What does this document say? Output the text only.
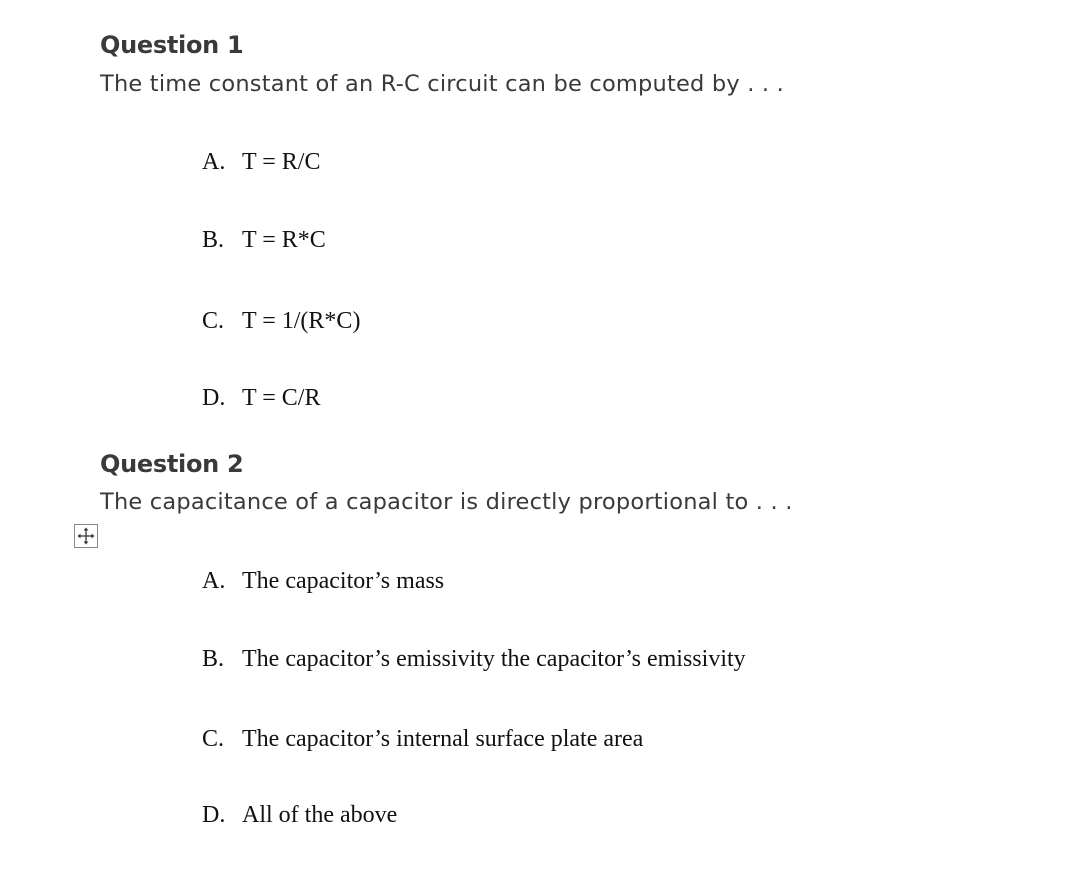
Question 1
The time constant of an R-C circuit can be computed by . . .
A. T = R/C
B. T = R*C
C. T = 1/(R*C)
D. T = C/R
Question 2
The capacitance of a capacitor is directly proportional to . . .
A. The capacitor’s mass
B. The capacitor’s emissivity the capacitor’s emissivity
C. The capacitor’s internal surface plate area
D. All of the above
